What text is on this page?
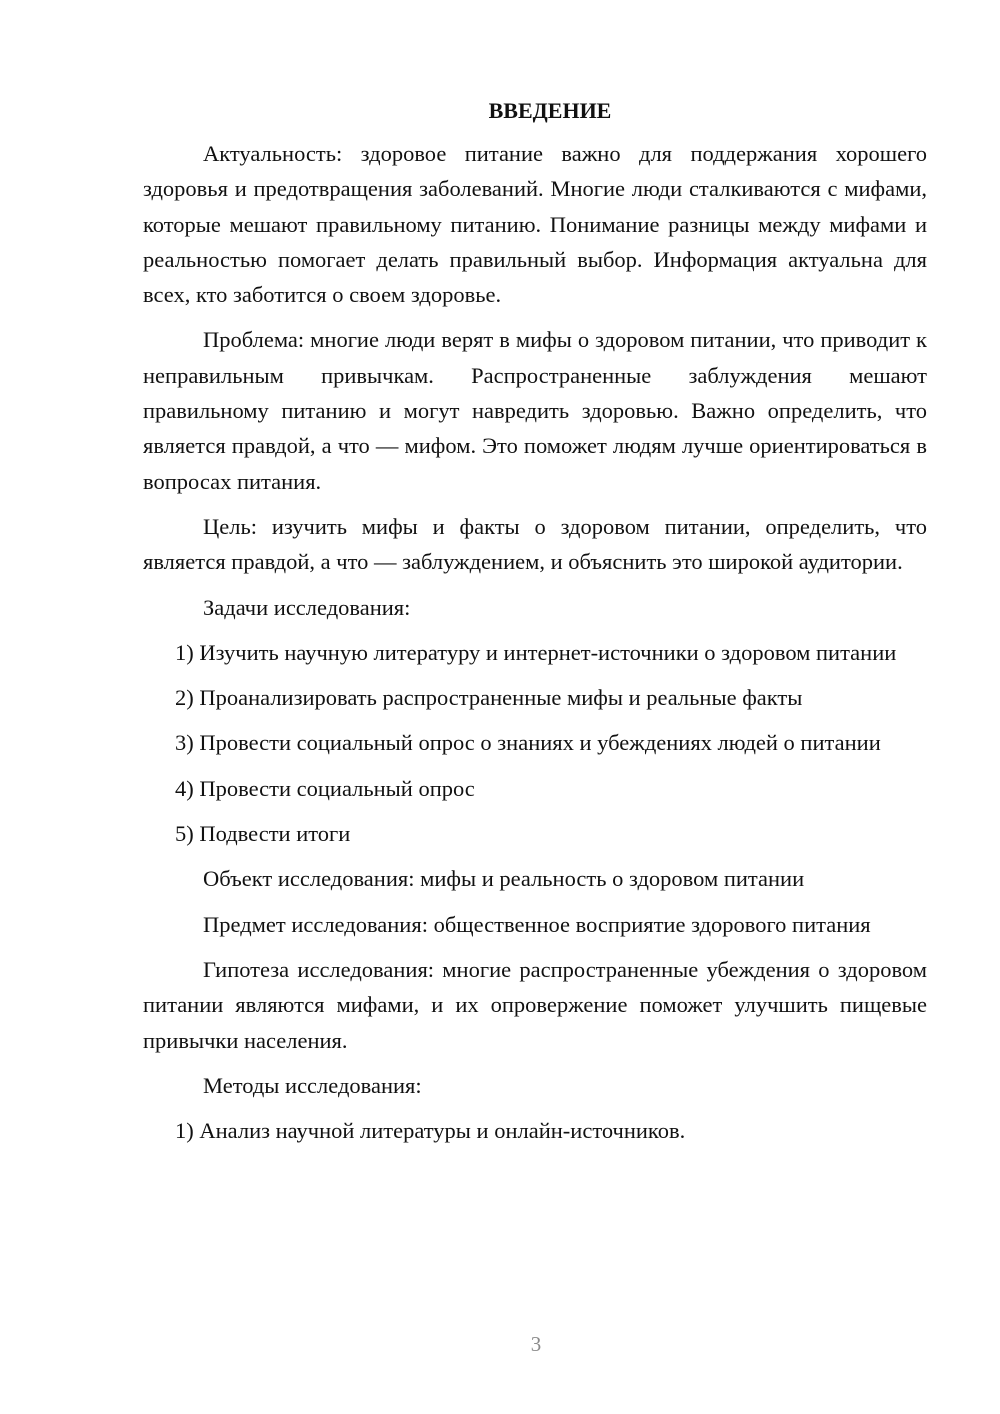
ВВЕДЕНИЕ

Актуальность: здоровое питание важно для поддержания хорошего здоровья и предотвращения заболеваний. Многие люди сталкиваются с мифами, которые мешают правильному питанию. Понимание разницы между мифами и реальностью помогает делать правильный выбор. Информация актуальна для всех, кто заботится о своем здоровье.

Проблема: многие люди верят в мифы о здоровом питании, что приводит к неправильным привычкам. Распространенные заблуждения мешают правильному питанию и могут навредить здоровью. Важно определить, что является правдой, а что — мифом. Это поможет людям лучше ориентироваться в вопросах питания.

Цель: изучить мифы и факты о здоровом питании, определить, что является правдой, а что — заблуждением, и объяснить это широкой аудитории.

Задачи исследования:

1) Изучить научную литературу и интернет-источники о здоровом питании

2) Проанализировать распространенные мифы и реальные факты

3) Провести социальный опрос о знаниях и убеждениях людей о питании

4) Провести социальный опрос

5) Подвести итоги

Объект исследования: мифы и реальность о здоровом питании

Предмет исследования: общественное восприятие здорового питания

Гипотеза исследования: многие распространенные убеждения о здоровом питании являются мифами, и их опровержение поможет улучшить пищевые привычки населения.

Методы исследования:

1) Анализ научной литературы и онлайн-источников.

3
